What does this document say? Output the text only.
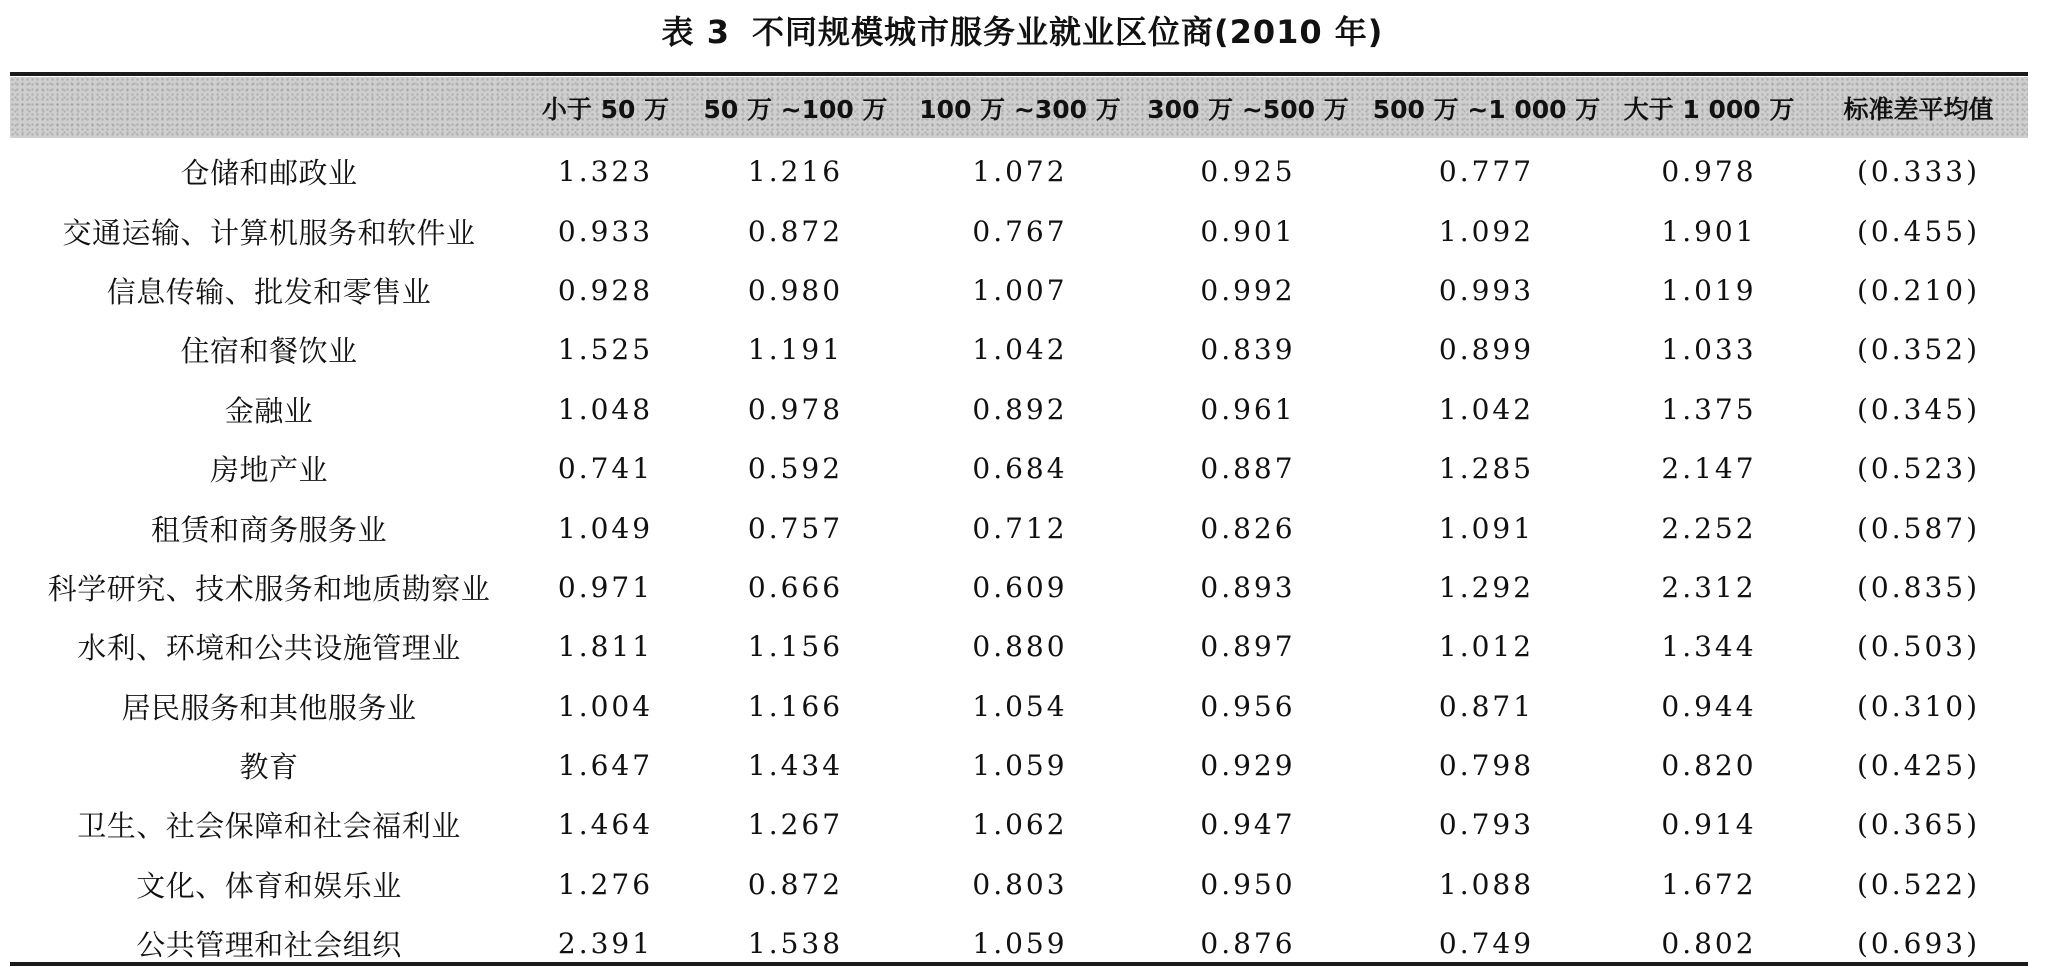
表 3 不同规模城市服务业就业区位商(2010 年)
	小于 50 万	50 万 ~100 万	100 万 ~300 万	300 万 ~500 万	500 万 ~1 000 万	大于 1 000 万	标准差平均值
仓储和邮政业	1.323	1.216	1.072	0.925	0.777	0.978	(0.333)
交通运输、计算机服务和软件业	0.933	0.872	0.767	0.901	1.092	1.901	(0.455)
信息传输、批发和零售业	0.928	0.980	1.007	0.992	0.993	1.019	(0.210)
住宿和餐饮业	1.525	1.191	1.042	0.839	0.899	1.033	(0.352)
金融业	1.048	0.978	0.892	0.961	1.042	1.375	(0.345)
房地产业	0.741	0.592	0.684	0.887	1.285	2.147	(0.523)
租赁和商务服务业	1.049	0.757	0.712	0.826	1.091	2.252	(0.587)
科学研究、技术服务和地质勘察业	0.971	0.666	0.609	0.893	1.292	2.312	(0.835)
水利、环境和公共设施管理业	1.811	1.156	0.880	0.897	1.012	1.344	(0.503)
居民服务和其他服务业	1.004	1.166	1.054	0.956	0.871	0.944	(0.310)
教育	1.647	1.434	1.059	0.929	0.798	0.820	(0.425)
卫生、社会保障和社会福利业	1.464	1.267	1.062	0.947	0.793	0.914	(0.365)
文化、体育和娱乐业	1.276	0.872	0.803	0.950	1.088	1.672	(0.522)
公共管理和社会组织	2.391	1.538	1.059	0.876	0.749	0.802	(0.693)
